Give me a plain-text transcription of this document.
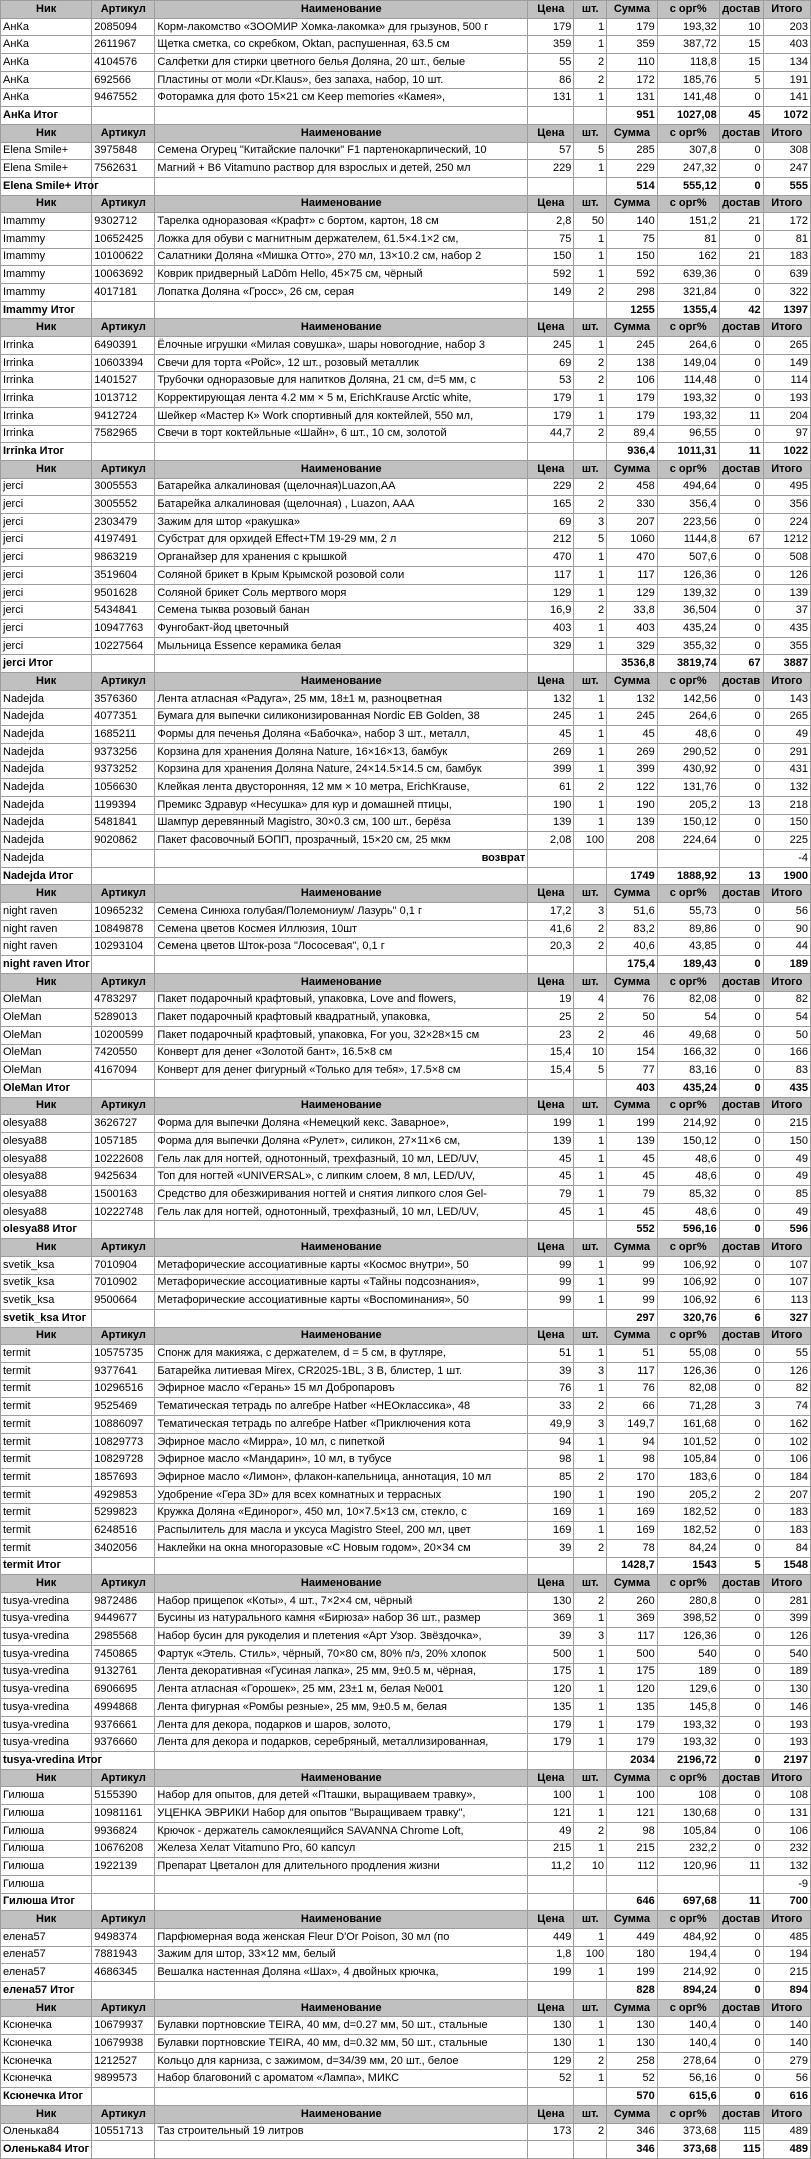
Ник	Артикул	Наименование	Цена	шт.	Сумма	с орг%	достав	Итого
АнКа	2085094	Корм-лакомство «ЗООМИР Хомка-лакомка» для грызунов, 500 г	179	1	179	193,32	10	203
АнКа	2611967	Щетка сметка, со скребком, Oktan, распушенная, 63.5 см	359	1	359	387,72	15	403
АнКа	4104576	Салфетки для стирки цветного белья Доляна, 20 шт., белые	55	2	110	118,8	15	134
АнКа	692566	Пластины от моли «Dr.Klaus», без запаха, набор, 10 шт.	86	2	172	185,76	5	191
АнКа	9467552	Фоторамка для фото 15×21 см Keep memories «Камея»,	131	1	131	141,48	0	141
АнКа Итог					951	1027,08	45	1072
Ник	Артикул	Наименование	Цена	шт.	Сумма	с орг%	достав	Итого
Elena Smile+	3975848	Семена Огурец "Китайские палочки" F1 партенокарпический, 10	57	5	285	307,8	0	308
Elena Smile+	7562631	Магний + B6 Vitamuno раствор для взрослых и детей, 250 мл	229	1	229	247,32	0	247
Elena Smile+ Итог					514	555,12	0	555
Ник	Артикул	Наименование	Цена	шт.	Сумма	с орг%	достав	Итого
Imammy	9302712	Тарелка одноразовая «Крафт» с бортом, картон, 18 см	2,8	50	140	151,2	21	172
Imammy	10652425	Ложка для обуви с магнитным держателем, 61.5×4.1×2 см,	75	1	75	81	0	81
Imammy	10100622	Салатники Доляна «Мишка Отто», 270 мл, 13×10.2 см, набор 2	150	1	150	162	21	183
Imammy	10063692	Коврик придверный LaDôm Hello, 45×75 см, чёрный	592	1	592	639,36	0	639
Imammy	4017181	Лопатка Доляна «Гросс», 26 см, серая	149	2	298	321,84	0	322
Imammy Итог					1255	1355,4	42	1397
Ник	Артикул	Наименование	Цена	шт.	Сумма	с орг%	достав	Итого
Irrinka	6490391	Ёлочные игрушки «Милая совушка», шары новогодние, набор 3	245	1	245	264,6	0	265
Irrinka	10603394	Свечи для торта «Ройс», 12 шт., розовый металлик	69	2	138	149,04	0	149
Irrinka	1401527	Трубочки одноразовые для напитков Доляна, 21 см, d=5 мм, с	53	2	106	114,48	0	114
Irrinka	1013712	Корректирующая лента 4.2 мм × 5 м, ErichKrause Arctic white,	179	1	179	193,32	0	193
Irrinka	9412724	Шейкер «Мастер К» Work спортивный для коктейлей, 550 мл,	179	1	179	193,32	11	204
Irrinka	7582965	Свечи в торт коктейльные «Шайн», 6 шт., 10 см, золотой	44,7	2	89,4	96,55	0	97
Irrinka Итог					936,4	1011,31	11	1022
Ник	Артикул	Наименование	Цена	шт.	Сумма	с орг%	достав	Итого
jerci	3005553	Батарейка алкалиновая (щелочная)Luazon,AA	229	2	458	494,64	0	495
jerci	3005552	Батарейка алкалиновая (щелочная) , Luazon, AAA	165	2	330	356,4	0	356
jerci	2303479	Зажим для штор «ракушка»	69	3	207	223,56	0	224
jerci	4197491	Субстрат для орхидей Effect+TM 19-29 мм, 2 л	212	5	1060	1144,8	67	1212
jerci	9863219	Органайзер для хранения с крышкой	470	1	470	507,6	0	508
jerci	3519604	Соляной брикет в Крым Крымской розовой соли	117	1	117	126,36	0	126
jerci	9501628	Соляной брикет Соль мертвого моря	129	1	129	139,32	0	139
jerci	5434841	Семена тыква розовый банан	16,9	2	33,8	36,504	0	37
jerci	10947763	Фунгобакт-йод цветочный	403	1	403	435,24	0	435
jerci	10227564	Мыльница Essence керамика белая	329	1	329	355,32	0	355
jerci Итог					3536,8	3819,74	67	3887
Ник	Артикул	Наименование	Цена	шт.	Сумма	с орг%	достав	Итого
Nadejda	3576360	Лента атласная «Радуга», 25 мм, 18±1 м, разноцветная	132	1	132	142,56	0	143
Nadejda	4077351	Бумага для выпечки силиконизированная Nordic EB Golden, 38	245	1	245	264,6	0	265
Nadejda	1685211	Формы для печенья Доляна «Бабочка», набор 3 шт., металл,	45	1	45	48,6	0	49
Nadejda	9373256	Корзина для хранения Доляна Nature, 16×16×13, бамбук	269	1	269	290,52	0	291
Nadejda	9373252	Корзина для хранения Доляна Nature, 24×14.5×14.5 см, бамбук	399	1	399	430,92	0	431
Nadejda	1056630	Клейкая лента двусторонняя, 12 мм × 10 метра, ErichKrause,	61	2	122	131,76	0	132
Nadejda	1199394	Премикс Здравур «Несушка» для кур и домашней птицы,	190	1	190	205,2	13	218
Nadejda	5481841	Шампур деревянный Magistro, 30×0.3 см, 100 шт., берёза	139	1	139	150,12	0	150
Nadejda	9020862	Пакет фасовочный БОПП, прозрачный, 15×20 см, 25 мкм	2,08	100	208	224,64	0	225
Nadejda		возврат						-4
Nadejda Итог					1749	1888,92	13	1900
Ник	Артикул	Наименование	Цена	шт.	Сумма	с орг%	достав	Итого
night raven	10965232	Семена Синюха голубая/Полемониум/ Лазурь" 0,1 г	17,2	3	51,6	55,73	0	56
night raven	10849878	Семена цветов Космея Иллюзия, 10шт	41,6	2	83,2	89,86	0	90
night raven	10293104	Семена цветов Шток-роза "Лососевая", 0,1 г	20,3	2	40,6	43,85	0	44
night raven Итог					175,4	189,43	0	189
Ник	Артикул	Наименование	Цена	шт.	Сумма	с орг%	достав	Итого
OleMan	4783297	Пакет подарочный крафтовый, упаковка, Love and flowers,	19	4	76	82,08	0	82
OleMan	5289013	Пакет подарочный крафтовый квадратный, упаковка,	25	2	50	54	0	54
OleMan	10200599	Пакет подарочный крафтовый, упаковка, For you, 32×28×15 см	23	2	46	49,68	0	50
OleMan	7420550	Конверт для денег «Золотой бант», 16.5×8 см	15,4	10	154	166,32	0	166
OleMan	4167094	Конверт для денег фигурный «Только для тебя», 17.5×8 см	15,4	5	77	83,16	0	83
OleMan Итог					403	435,24	0	435
Ник	Артикул	Наименование	Цена	шт.	Сумма	с орг%	достав	Итого
olesya88	3626727	Форма для выпечки Доляна «Немецкий кекс. Заварное»,	199	1	199	214,92	0	215
olesya88	1057185	Форма для выпечки Доляна «Рулет», силикон, 27×11×6 см,	139	1	139	150,12	0	150
olesya88	10222608	Гель лак для ногтей, однотонный, трехфазный, 10 мл, LED/UV,	45	1	45	48,6	0	49
olesya88	9425634	Топ для ногтей «UNIVERSAL», с липким слоем, 8 мл, LED/UV,	45	1	45	48,6	0	49
olesya88	1500163	Средство для обезжиривания ногтей и снятия липкого слоя Gel-	79	1	79	85,32	0	85
olesya88	10222748	Гель лак для ногтей, однотонный, трехфазный, 10 мл, LED/UV,	45	1	45	48,6	0	49
olesya88 Итог					552	596,16	0	596
Ник	Артикул	Наименование	Цена	шт.	Сумма	с орг%	достав	Итого
svetik_ksa	7010904	Метафорические ассоциативные карты «Космос внутри», 50	99	1	99	106,92	0	107
svetik_ksa	7010902	Метафорические ассоциативные карты «Тайны подсознания»,	99	1	99	106,92	0	107
svetik_ksa	9500664	Метафорические ассоциативные карты «Воспоминания», 50	99	1	99	106,92	6	113
svetik_ksa Итог					297	320,76	6	327
Ник	Артикул	Наименование	Цена	шт.	Сумма	с орг%	достав	Итого
termit	10575735	Спонж для макияжа, с держателем, d = 5 см, в футляре,	51	1	51	55,08	0	55
termit	9377641	Батарейка литиевая Mirex, CR2025-1BL, 3 В, блистер, 1 шт.	39	3	117	126,36	0	126
termit	10296516	Эфирное масло «Герань» 15 мл Добропаровъ	76	1	76	82,08	0	82
termit	9525469	Тематическая тетрадь по алгебре Hatber «НЕОклассика», 48	33	2	66	71,28	3	74
termit	10886097	Тематическая тетрадь по алгебре Hatber «Приключения кота	49,9	3	149,7	161,68	0	162
termit	10829773	Эфирное масло «Мирра», 10 мл, с пипеткой	94	1	94	101,52	0	102
termit	10829728	Эфирное масло «Мандарин», 10 мл, в тубусе	98	1	98	105,84	0	106
termit	1857693	Эфирное масло «Лимон», флакон-капельница, аннотация, 10 мл	85	2	170	183,6	0	184
termit	4929853	Удобрение «Гера 3D» для всех комнатных и террасных	190	1	190	205,2	2	207
termit	5299823	Кружка Доляна «Единорог», 450 мл, 10×7.5×13 см, стекло, с	169	1	169	182,52	0	183
termit	6248516	Распылитель для масла и уксуса Magistro Steel, 200 мл, цвет	169	1	169	182,52	0	183
termit	3402056	Наклейки на окна многоразовые «С Новым годом», 20×34 см	39	2	78	84,24	0	84
termit Итог					1428,7	1543	5	1548
Ник	Артикул	Наименование	Цена	шт.	Сумма	с орг%	достав	Итого
tusya-vredina	9872486	Набор прищепок «Коты», 4 шт., 7×2×4 см, чёрный	130	2	260	280,8	0	281
tusya-vredina	9449677	Бусины из натурального камня «Бирюза» набор 36 шт., размер	369	1	369	398,52	0	399
tusya-vredina	2985568	Набор бусин для рукоделия и плетения «Арт Узор. Звёздочка»,	39	3	117	126,36	0	126
tusya-vredina	7450865	Фартук «Этель. Стиль», чёрный, 70×80 см, 80% п/э, 20% хлопок	500	1	500	540	0	540
tusya-vredina	9132761	Лента декоративная «Гусиная лапка», 25 мм, 9±0.5 м, чёрная,	175	1	175	189	0	189
tusya-vredina	6906695	Лента атласная «Горошек», 25 мм, 23±1 м, белая №001	120	1	120	129,6	0	130
tusya-vredina	4994868	Лента фигурная «Ромбы резные», 25 мм, 9±0.5 м, белая	135	1	135	145,8	0	146
tusya-vredina	9376661	Лента для декора, подарков и шаров, золото,	179	1	179	193,32	0	193
tusya-vredina	9376660	Лента для декора и подарков, серебряный, металлизированная,	179	1	179	193,32	0	193
tusya-vredina Итог					2034	2196,72	0	2197
Ник	Артикул	Наименование	Цена	шт.	Сумма	с орг%	достав	Итого
Гилюша	5155390	Набор для опытов, для детей «Пташки, выращиваем травку»,	100	1	100	108	0	108
Гилюша	10981161	УЦЕНКА ЭВРИКИ Набор для опытов "Выращиваем травку",	121	1	121	130,68	0	131
Гилюша	9936824	Крючок - держатель самоклеящийся SAVANNA Chrome Loft,	49	2	98	105,84	0	106
Гилюша	10676208	Железа Хелат Vitamuno Pro, 60 капсул	215	1	215	232,2	0	232
Гилюша	1922139	Препарат Цветалон для длительного продления жизни	11,2	10	112	120,96	11	132
Гилюша								-9
Гилюша Итог					646	697,68	11	700
Ник	Артикул	Наименование	Цена	шт.	Сумма	с орг%	достав	Итого
елена57	9498374	Парфюмерная вода женская Fleur D'Or Poison, 30 мл (по	449	1	449	484,92	0	485
елена57	7881943	Зажим для штор, 33×12 мм, белый	1,8	100	180	194,4	0	194
елена57	4686345	Вешалка настенная Доляна «Шах», 4 двойных крючка,	199	1	199	214,92	0	215
елена57 Итог					828	894,24	0	894
Ник	Артикул	Наименование	Цена	шт.	Сумма	с орг%	достав	Итого
Ксюнечка	10679937	Булавки портновские TEIRA, 40 мм, d=0.27 мм, 50 шт., стальные	130	1	130	140,4	0	140
Ксюнечка	10679938	Булавки портновские TEIRA, 40 мм, d=0.32 мм, 50 шт., стальные	130	1	130	140,4	0	140
Ксюнечка	1212527	Кольцо для карниза, с зажимом, d=34/39 мм, 20 шт., белое	129	2	258	278,64	0	279
Ксюнечка	9899573	Набор благовоний с ароматом «Лампа», МИКС	52	1	52	56,16	0	56
Ксюнечка Итог					570	615,6	0	616
Ник	Артикул	Наименование	Цена	шт.	Сумма	с орг%	достав	Итого
Оленька84	10551713	Таз строительный 19 литров	173	2	346	373,68	115	489
Оленька84 Итог					346	373,68	115	489
